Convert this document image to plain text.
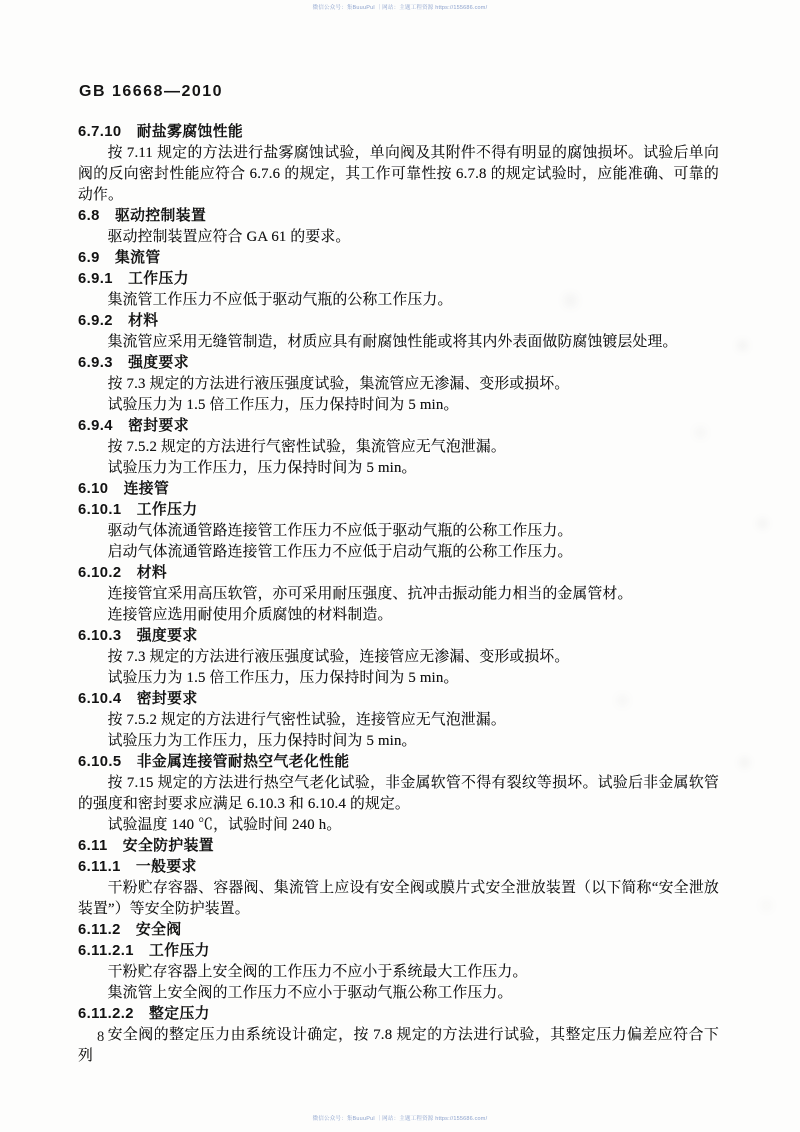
微信公众号：集BuuuPul ｜网站：主题工程资源 https://155686.com/
GB 16668—2010
6.7.10　耐盐雾腐蚀性能
按 7.11 规定的方法进行盐雾腐蚀试验，单向阀及其附件不得有明显的腐蚀损坏。试验后单向阀的反向密封性能应符合 6.7.6 的规定，其工作可靠性按 6.7.8 的规定试验时，应能准确、可靠的动作。
6.8　驱动控制装置
驱动控制装置应符合 GA 61 的要求。
6.9　集流管
6.9.1　工作压力
集流管工作压力不应低于驱动气瓶的公称工作压力。
6.9.2　材料
集流管应采用无缝管制造，材质应具有耐腐蚀性能或将其内外表面做防腐蚀镀层处理。
6.9.3　强度要求
按 7.3 规定的方法进行液压强度试验，集流管应无渗漏、变形或损坏。
试验压力为 1.5 倍工作压力，压力保持时间为 5 min。
6.9.4　密封要求
按 7.5.2 规定的方法进行气密性试验，集流管应无气泡泄漏。
试验压力为工作压力，压力保持时间为 5 min。
6.10　连接管
6.10.1　工作压力
驱动气体流通管路连接管工作压力不应低于驱动气瓶的公称工作压力。
启动气体流通管路连接管工作压力不应低于启动气瓶的公称工作压力。
6.10.2　材料
连接管宜采用高压软管，亦可采用耐压强度、抗冲击振动能力相当的金属管材。
连接管应选用耐使用介质腐蚀的材料制造。
6.10.3　强度要求
按 7.3 规定的方法进行液压强度试验，连接管应无渗漏、变形或损坏。
试验压力为 1.5 倍工作压力，压力保持时间为 5 min。
6.10.4　密封要求
按 7.5.2 规定的方法进行气密性试验，连接管应无气泡泄漏。
试验压力为工作压力，压力保持时间为 5 min。
6.10.5　非金属连接管耐热空气老化性能
按 7.15 规定的方法进行热空气老化试验，非金属软管不得有裂纹等损坏。试验后非金属软管的强度和密封要求应满足 6.10.3 和 6.10.4 的规定。
试验温度 140 ℃，试验时间 240 h。
6.11　安全防护装置
6.11.1　一般要求
干粉贮存容器、容器阀、集流管上应设有安全阀或膜片式安全泄放装置（以下简称“安全泄放装置”）等安全防护装置。
6.11.2　安全阀
6.11.2.1　工作压力
干粉贮存容器上安全阀的工作压力不应小于系统最大工作压力。
集流管上安全阀的工作压力不应小于驱动气瓶公称工作压力。
6.11.2.2　整定压力
安全阀的整定压力由系统设计确定，按 7.8 规定的方法进行试验，其整定压力偏差应符合下列
8
微信公众号：集BuuuPul ｜网站：主题工程资源 https://155686.com/
